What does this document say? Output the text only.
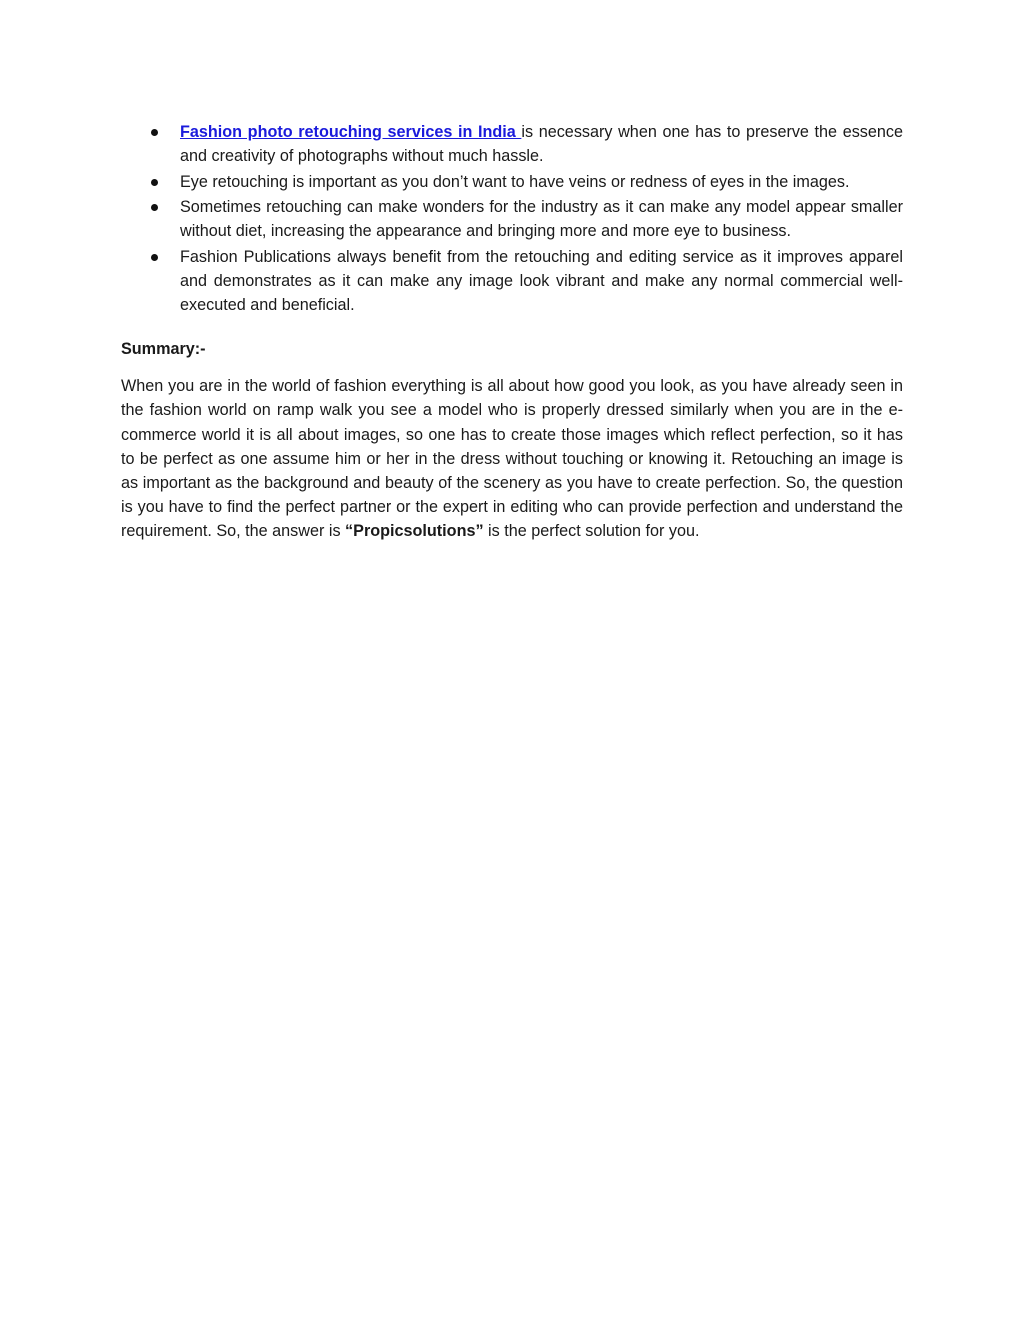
Fashion photo retouching services in India is necessary when one has to preserve the essence and creativity of photographs without much hassle.
Eye retouching is important as you don’t want to have veins or redness of eyes in the images.
Sometimes retouching can make wonders for the industry as it can make any model appear smaller without diet, increasing the appearance and bringing more and more eye to business.
Fashion Publications always benefit from the retouching and editing service as it improves apparel and demonstrates as it can make any image look vibrant and make any normal commercial well-executed and beneficial.

Summary:-

When you are in the world of fashion everything is all about how good you look, as you have already seen in the fashion world on ramp walk you see a model who is properly dressed similarly when you are in the e-commerce world it is all about images, so one has to create those images which reflect perfection, so it has to be perfect as one assume him or her in the dress without touching or knowing it. Retouching an image is as important as the background and beauty of the scenery as you have to create perfection. So, the question is you have to find the perfect partner or the expert in editing who can provide perfection and understand the requirement. So, the answer is “Propicsolutions” is the perfect solution for you.
